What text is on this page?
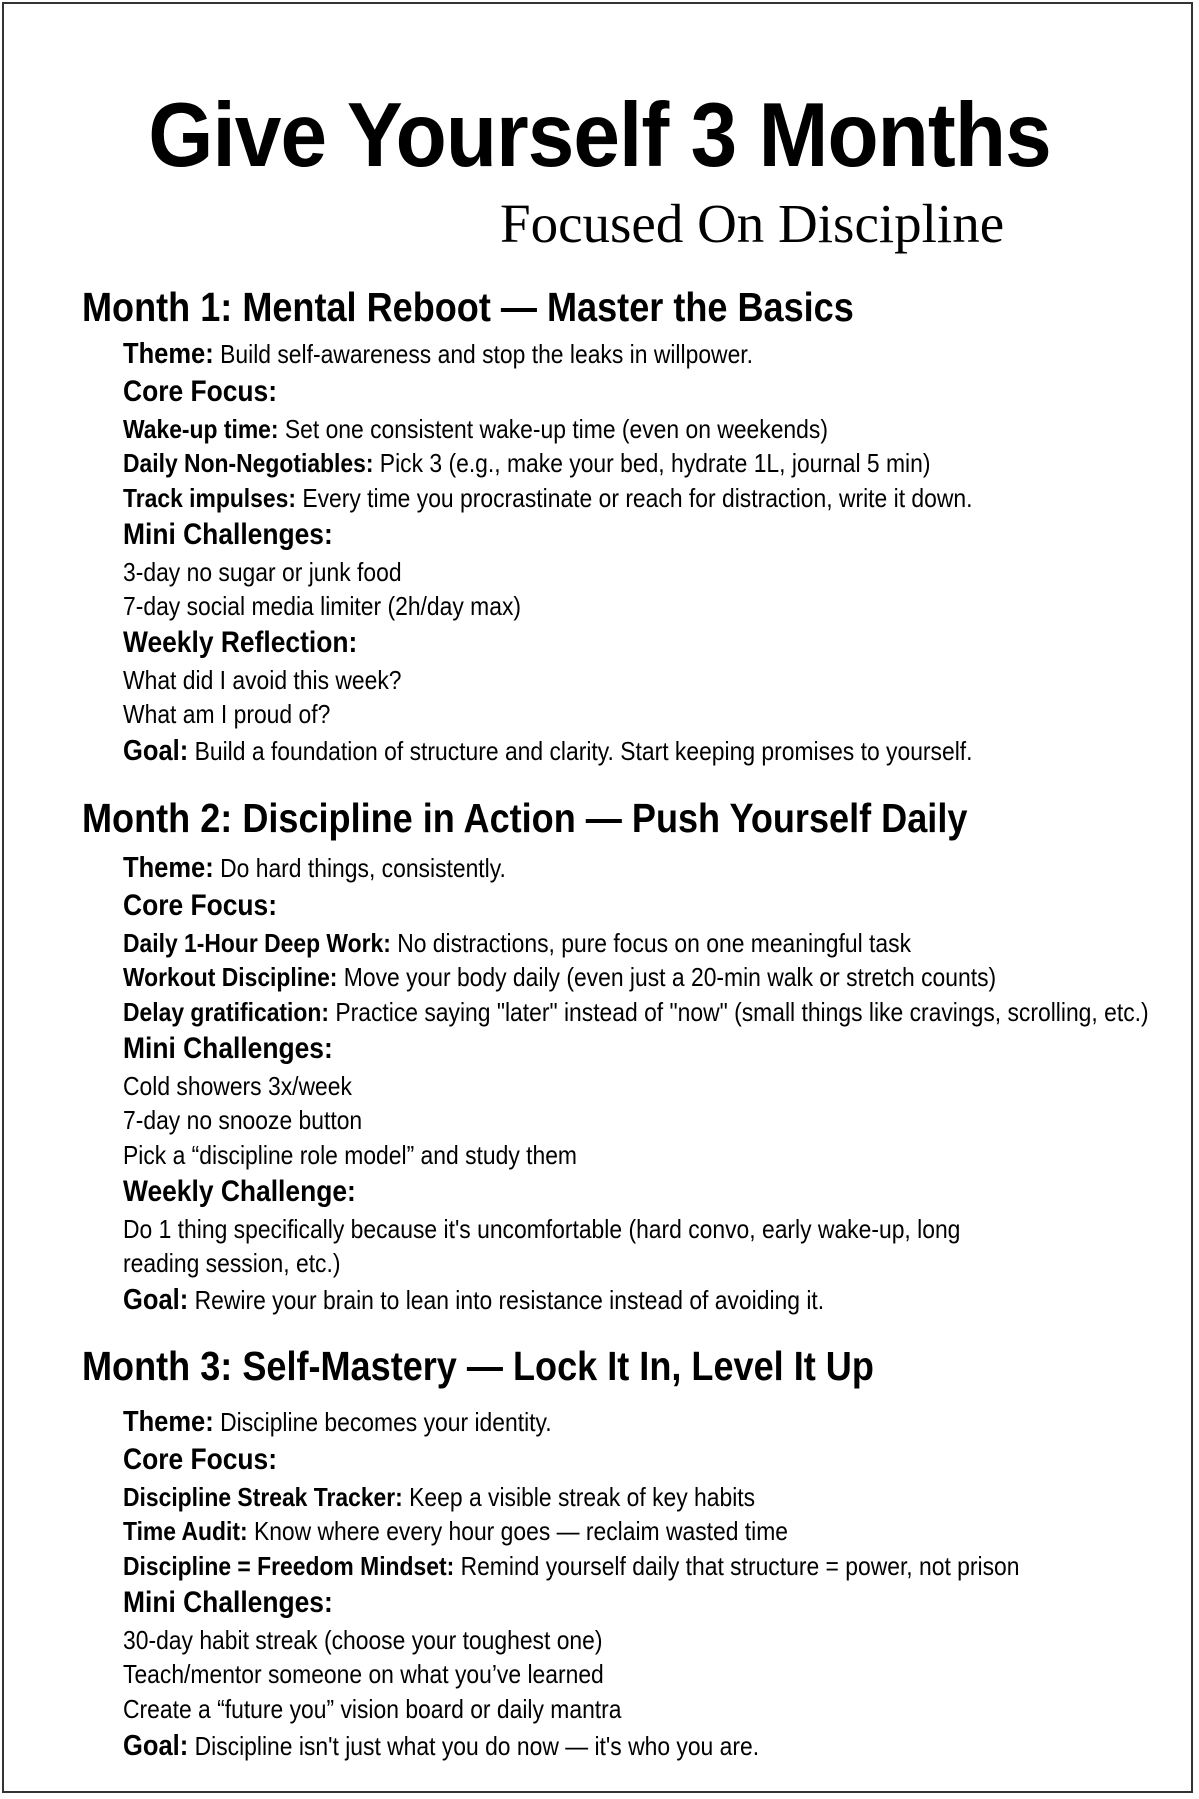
Give Yourself 3 Months
Focused On Discipline
Month 1: Mental Reboot — Master the Basics
Theme: Build self-awareness and stop the leaks in willpower.
Core Focus:
Wake-up time: Set one consistent wake-up time (even on weekends)
Daily Non-Negotiables: Pick 3 (e.g., make your bed, hydrate 1L, journal 5 min)
Track impulses: Every time you procrastinate or reach for distraction, write it down.
Mini Challenges:
3-day no sugar or junk food
7-day social media limiter (2h/day max)
Weekly Reflection:
What did I avoid this week?
What am I proud of?
Goal: Build a foundation of structure and clarity. Start keeping promises to yourself.
Month 2: Discipline in Action — Push Yourself Daily
Theme: Do hard things, consistently.
Core Focus:
Daily 1-Hour Deep Work: No distractions, pure focus on one meaningful task
Workout Discipline: Move your body daily (even just a 20-min walk or stretch counts)
Delay gratification: Practice saying "later" instead of "now" (small things like cravings, scrolling, etc.)
Mini Challenges:
Cold showers 3x/week
7-day no snooze button
Pick a “discipline role model” and study them
Weekly Challenge:
Do 1 thing specifically because it's uncomfortable (hard convo, early wake-up, long
reading session, etc.)
Goal: Rewire your brain to lean into resistance instead of avoiding it.
Month 3: Self-Mastery — Lock It In, Level It Up
Theme: Discipline becomes your identity.
Core Focus:
Discipline Streak Tracker: Keep a visible streak of key habits
Time Audit: Know where every hour goes — reclaim wasted time
Discipline = Freedom Mindset: Remind yourself daily that structure = power, not prison
Mini Challenges:
30-day habit streak (choose your toughest one)
Teach/mentor someone on what you’ve learned
Create a “future you” vision board or daily mantra
Goal: Discipline isn't just what you do now — it's who you are.
